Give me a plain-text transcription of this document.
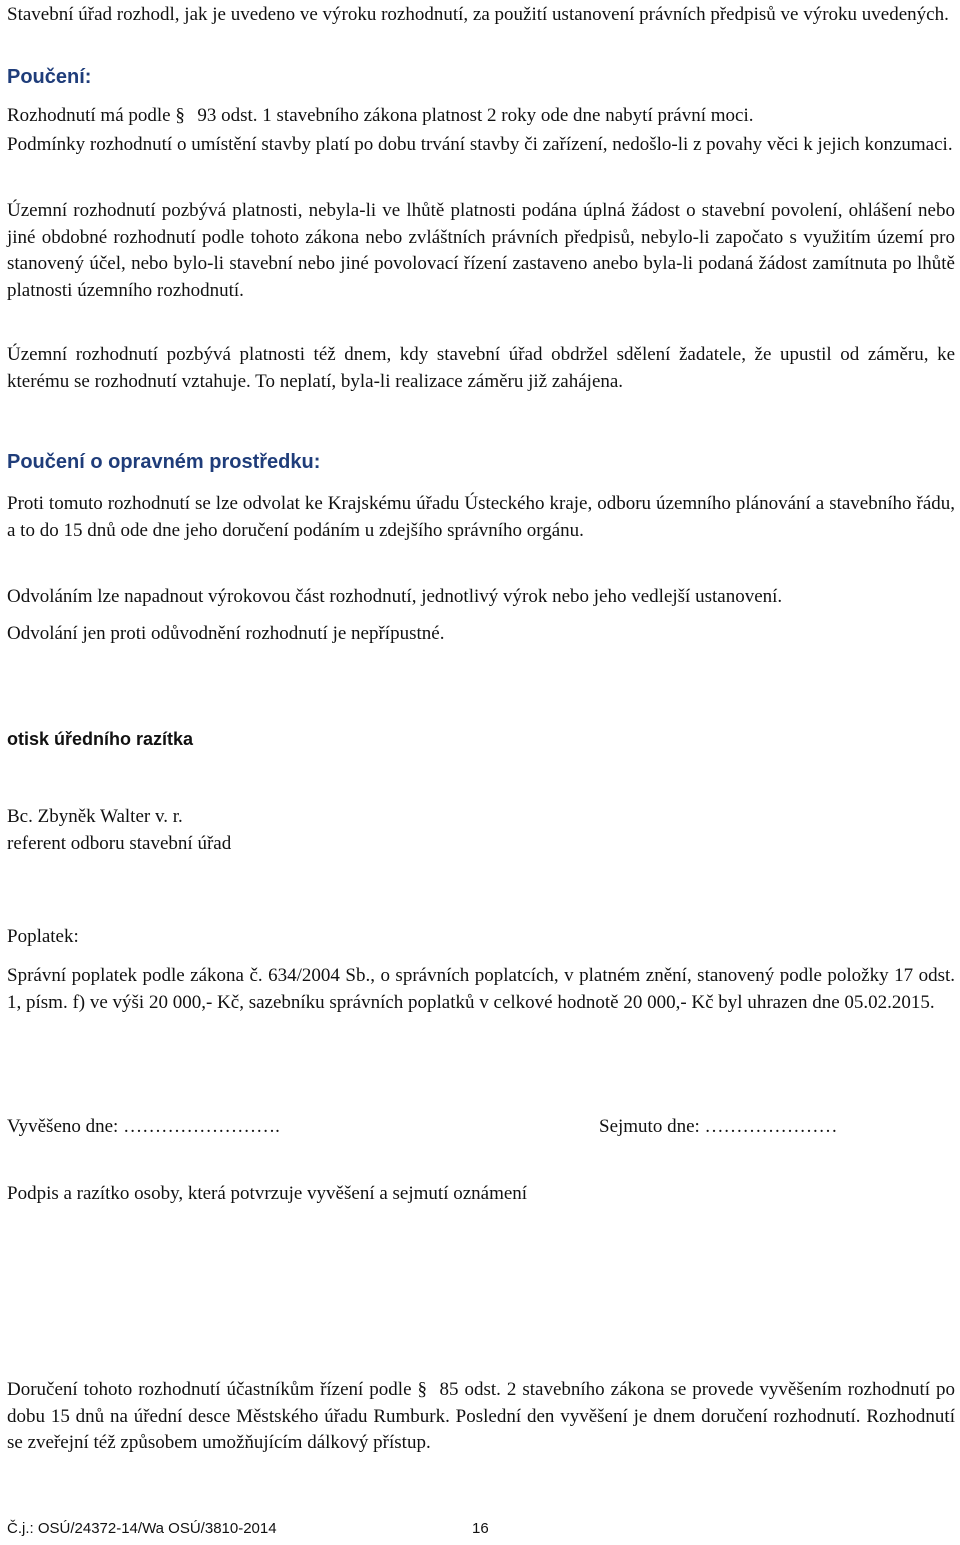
Stavební úřad rozhodl, jak je uvedeno ve výroku rozhodnutí, za použití ustanovení právních předpisů ve výroku uvedených.

Poučení:

Rozhodnutí má podle § 93 odst. 1 stavebního zákona platnost 2 roky ode dne nabytí právní moci.

Podmínky rozhodnutí o umístění stavby platí po dobu trvání stavby či zařízení, nedošlo-li z povahy věci k jejich konzumaci.

Územní rozhodnutí pozbývá platnosti, nebyla-li ve lhůtě platnosti podána úplná žádost o stavební povolení, ohlášení nebo jiné obdobné rozhodnutí podle tohoto zákona nebo zvláštních právních předpisů, nebylo-li započato s využitím území pro stanovený účel, nebo bylo-li stavební nebo jiné povolovací řízení zastaveno anebo byla-li podaná žádost zamítnuta po lhůtě platnosti územního rozhodnutí.

Územní rozhodnutí pozbývá platnosti též dnem, kdy stavební úřad obdržel sdělení žadatele, že upustil od záměru, ke kterému se rozhodnutí vztahuje. To neplatí, byla-li realizace záměru již zahájena.

Poučení o opravném prostředku:

Proti tomuto rozhodnutí se lze odvolat ke Krajskému úřadu Ústeckého kraje, odboru územního plánování a stavebního řádu, a to do 15 dnů ode dne jeho doručení podáním u zdejšího správního orgánu.

Odvoláním lze napadnout výrokovou část rozhodnutí, jednotlivý výrok nebo jeho vedlejší ustanovení.

Odvolání jen proti odůvodnění rozhodnutí je nepřípustné.

otisk úředního razítka

Bc. Zbyněk Walter v. r.

referent odboru stavební úřad

Poplatek:

Správní poplatek podle zákona č. 634/2004 Sb., o správních poplatcích, v platném znění, stanovený podle položky 17 odst. 1, písm. f) ve výši 20 000,- Kč, sazebníku správních poplatků v celkové hodnotě 20 000,- Kč byl uhrazen dne 05.02.2015.

Vyvěšeno dne: …………………….	Sejmuto dne: …………………

Podpis a razítko osoby, která potvrzuje vyvěšení a sejmutí oznámení

Doručení tohoto rozhodnutí účastníkům řízení podle § 85 odst. 2 stavebního zákona se provede vyvěšením rozhodnutí po dobu 15 dnů na úřední desce Městského úřadu Rumburk. Poslední den vyvěšení je dnem doručení rozhodnutí. Rozhodnutí se zveřejní též způsobem umožňujícím dálkový přístup.

Č.j.: OSÚ/24372-14/Wa OSÚ/3810-2014	16
